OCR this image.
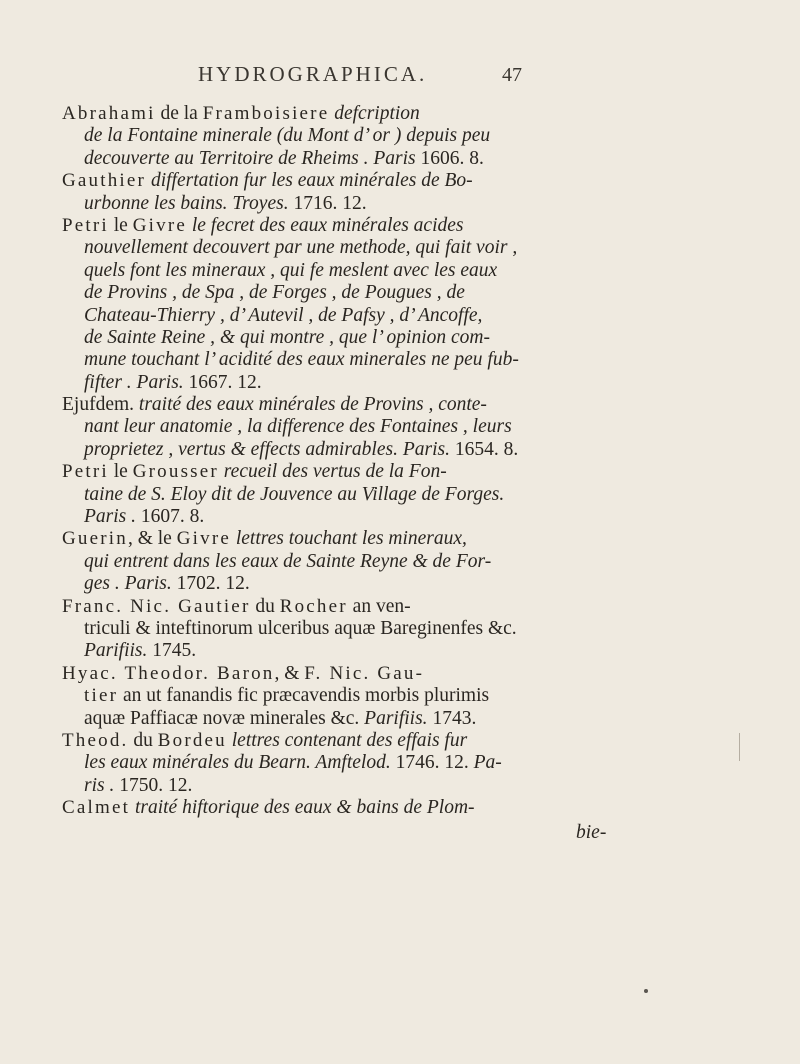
HYDROGRAPHICA.	47
Abrahami de la Framboisiere defcription
de la Fontaine minerale (du Mont d’ or ) depuis peu
decouverte au Territoire de Rheims . Paris 1606. 8.
Gauthier differtation fur les eaux minérales de Bo-
urbonne les bains. Troyes. 1716. 12.
Petri le Givre le fecret des eaux minérales acides
nouvellement decouvert par une methode, qui fait voir ,
quels font les mineraux , qui fe meslent avec les eaux
de Provins , de Spa , de Forges , de Pougues , de
Chateau-Thierry , d’ Autevil , de Pafsy , d’ Ancoffe,
de Sainte Reine , & qui montre , que l’ opinion com-
mune touchant l’ acidité des eaux minerales ne peu fub-
fifter . Paris. 1667. 12.
Ejufdem. traité des eaux minérales de Provins , conte-
nant leur anatomie , la difference des Fontaines , leurs
proprietez , vertus & effects admirables. Paris. 1654. 8.
Petri le Grousser recueil des vertus de la Fon-
taine de S. Eloy dit de Jouvence au Village de Forges.
Paris . 1607. 8.
Guerin, & le Givre lettres touchant les mineraux,
qui entrent dans les eaux de Sainte Reyne & de For-
ges . Paris. 1702. 12.
Franc. Nic. Gautier du Rocher an ven-
triculi & inteftinorum ulceribus aquæ Bareginenfes &c.
Parifiis. 1745.
Hyac. Theodor. Baron, & F. Nic. Gau-
tier an ut fanandis fic præcavendis morbis plurimis
aquæ Paffiacæ novæ minerales &c. Parifiis. 1743.
Theod. du Bordeu lettres contenant des effais fur
les eaux minérales du Bearn. Amftelod. 1746. 12. Pa-
ris . 1750. 12.
Calmet traité hiftorique des eaux & bains de Plom-
bie-
